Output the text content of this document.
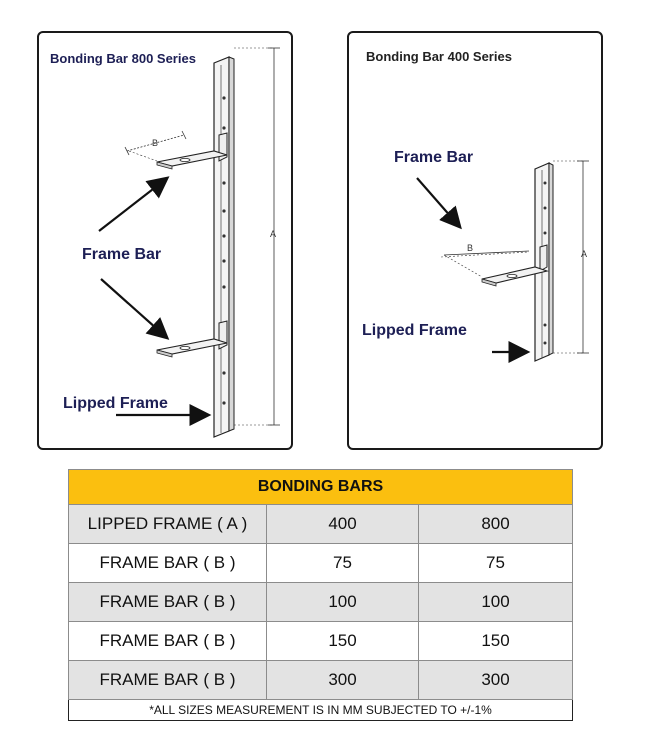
B
A
Bonding Bar 800 Series
Frame Bar
Lipped Frame
B
A
Bonding Bar 400 Series
Frame Bar
Lipped Frame
BONDING BARS		
LIPPED FRAME ( A )	400	800
FRAME BAR ( B )	75	75
FRAME BAR ( B )	100	100
FRAME BAR ( B )	150	150
FRAME BAR ( B )	300	300
*ALL SIZES MEASUREMENT IS IN MM SUBJECTED TO +/-1%		
